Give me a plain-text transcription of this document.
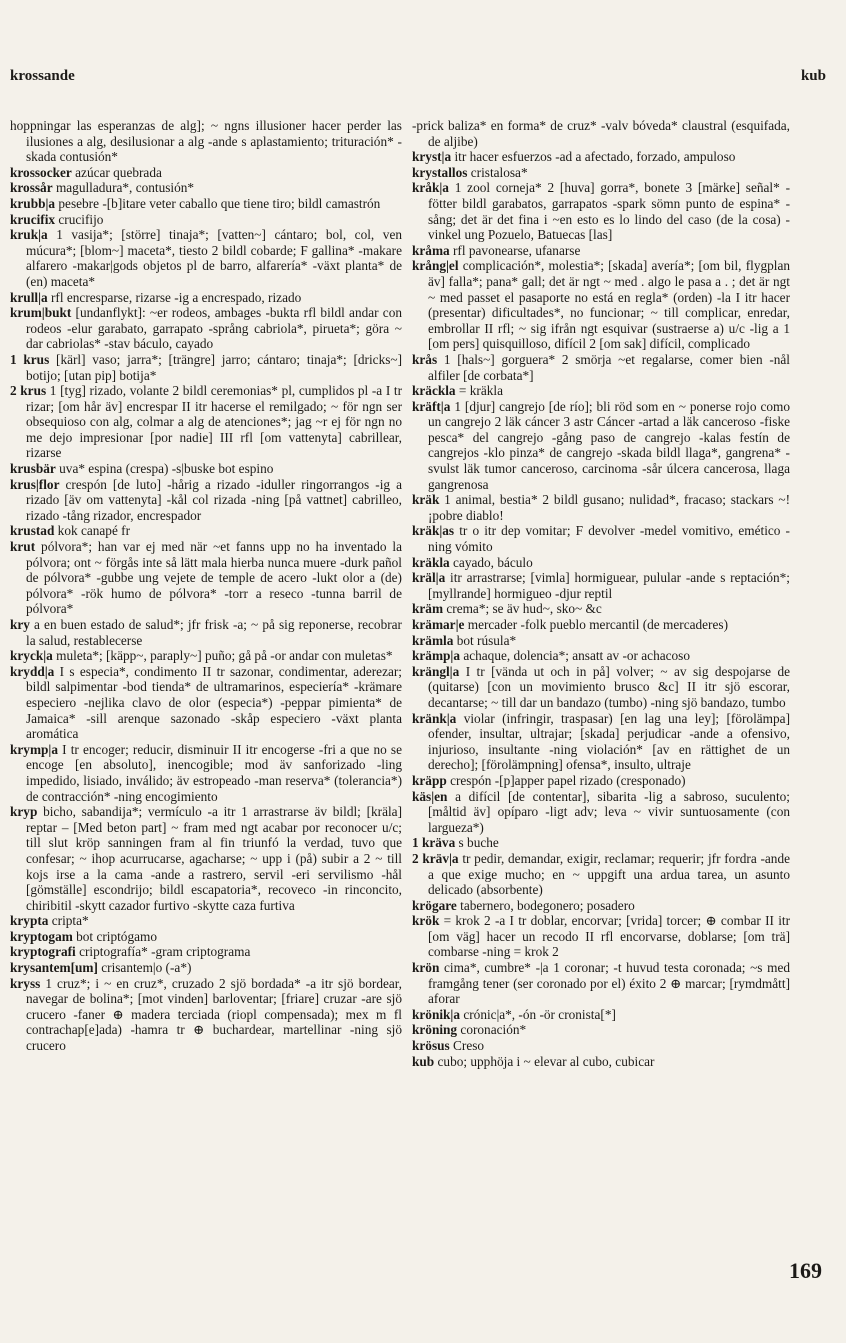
krossande	kub

hoppningar las esperanzas de alg]; ~ ngns illusioner hacer perder las ilusiones a alg, desilusionar a alg -ande s aplastamiento; trituración* -skada contusión*

krossocker azúcar quebrada

krossår magulladura*, contusión*

krubb|a pesebre -[b]itare veter caballo que tiene tiro; bildl camastrón

krucifix crucifijo

kruk|a 1 vasija*; [större] tinaja*; [vatten~] cántaro; bol, col, ven múcura*; [blom~] maceta*, tiesto 2 bildl cobarde; F gallina* -makare alfarero -makar|gods objetos pl de barro, alfarería* -växt planta* de (en) maceta*

krull|a rfl encresparse, rizarse -ig a encrespado, rizado

krum|bukt [undanflykt]: ~er rodeos, ambages -bukta rfl bildl andar con rodeos -elur garabato, garrapato -språng cabriola*, pirueta*; göra ~ dar cabriolas* -stav báculo, cayado

1 krus [kärl] vaso; jarra*; [trängre] jarro; cántaro; tinaja*; [dricks~] botijo; [utan pip] botija*

2 krus 1 [tyg] rizado, volante 2 bildl ceremonias* pl, cumplidos pl -a I tr rizar; [om hår äv] encrespar II itr hacerse el remilgado; ~ för ngn ser obsequioso con alg, colmar a alg de atenciones*; jag ~r ej för ngn no me dejo impresionar [por nadie] III rfl [om vattenyta] cabrillear, rizarse

krusbär uva* espina (crespa) -s|buske bot espino

krus|flor crespón [de luto] -hårig a rizado -iduller ringorrangos -ig a rizado [äv om vattenyta] -kål col rizada -ning [på vattnet] cabrilleo, rizado -tång rizador, encrespador

krustad kok canapé fr

krut pólvora*; han var ej med när ~et fanns upp no ha inventado la pólvora; ont ~ förgås inte så lätt mala hierba nunca muere -durk pañol de pólvora* -gubbe ung vejete de temple de acero -lukt olor a (de) pólvora* -rök humo de pólvora* -torr a reseco -tunna barril de pólvora*

kry a en buen estado de salud*; jfr frisk -a; ~ på sig reponerse, recobrar la salud, restablecerse

kryck|a muleta*; [käpp~, paraply~] puño; gå på -or andar con muletas*

krydd|a I s especia*, condimento II tr sazonar, condimentar, aderezar; bildl salpimentar -bod tienda* de ultramarinos, especiería* -krämare especiero -nejlika clavo de olor (especia*) -peppar pimienta* de Jamaica* -sill arenque sazonado -skåp especiero -växt planta aromática

krymp|a I tr encoger; reducir, disminuir II itr encogerse -fri a que no se encoge [en absoluto], inencogible; mod äv sanforizado -ling impedido, lisiado, inválido; äv estropeado -man reserva* (tolerancia*) de contracción* -ning encogimiento

kryp bicho, sabandija*; vermículo -a itr 1 arrastrarse äv bildl; [kräla] reptar – [Med beton part] ~ fram med ngt acabar por reconocer u/c; till slut kröp sanningen fram al fin triunfó la verdad, tuvo que confesar; ~ ihop acurrucarse, agacharse; ~ upp i (på) subir a 2 ~ till kojs irse a la cama -ande a rastrero, servil -eri servilismo -hål [gömställe] escondrijo; bildl escapatoria*, recoveco -in rinconcito, chiribitil -skytt cazador furtivo -skytte caza furtiva

krypta cripta*

kryptogam bot criptógamo

kryptografi criptografía* -gram criptograma

krysantem[um] crisantem|o (-a*)

kryss 1 cruz*; i ~ en cruz*, cruzado 2 sjö bordada* -a itr sjö bordear, navegar de bolina*; [mot vinden] barloventar; [friare] cruzar -are sjö crucero -faner ⊕ madera terciada (riopl compensada); mex m fl contrachap[e]ada) -hamra tr ⊕ buchardear, martellinar -ning sjö crucero

-prick baliza* en forma* de cruz* -valv bóveda* claustral (esquifada, de aljibe)

kryst|a itr hacer esfuerzos -ad a afectado, forzado, ampuloso

krystallos cristalosa*

kråk|a 1 zool corneja* 2 [huva] gorra*, bonete 3 [märke] señal* -fötter bildl garabatos, garrapatos -spark sömn punto de espina* -sång; det är det fina i ~en esto es lo lindo del caso (de la cosa) -vinkel ung Pozuelo, Batuecas [las]

kråma rfl pavonearse, ufanarse

krång|el complicación*, molestia*; [skada] avería*; [om bil, flygplan äv] falla*; pana* gall; det är ngt ~ med . algo le pasa a . ; det är ngt ~ med passet el pasaporte no está en regla* (orden) -la I itr hacer (presentar) dificultades*, no funcionar; ~ till complicar, enredar, embrollar II rfl; ~ sig ifrån ngt esquivar (sustraerse a) u/c -lig a 1 [om pers] quisquilloso, difícil 2 [om sak] difícil, complicado

krås 1 [hals~] gorguera* 2 smörja ~et regalarse, comer bien -nål alfiler [de corbata*]

kräckla = kräkla

kräft|a 1 [djur] cangrejo [de río]; bli röd som en ~ ponerse rojo como un cangrejo 2 läk cáncer 3 astr Cáncer -artad a läk canceroso -fiske pesca* del cangrejo -gång paso de cangrejo -kalas festín de cangrejos -klo pinza* de cangrejo -skada bildl llaga*, gangrena* -svulst läk tumor canceroso, carcinoma -sår úlcera cancerosa, llaga gangrenosa

kräk 1 animal, bestia* 2 bildl gusano; nulidad*, fracaso; stackars ~! ¡pobre diablo!

kräk|as tr o itr dep vomitar; F devolver -medel vomitivo, emético -ning vómito

kräkla cayado, báculo

kräl|a itr arrastrarse; [vimla] hormiguear, pulular -ande s reptación*; [myllrande] hormigueo -djur reptil

kräm crema*; se äv hud~, sko~ &c

krämar|e mercader -folk pueblo mercantil (de mercaderes)

krämla bot rúsula*

krämp|a achaque, dolencia*; ansatt av -or achacoso

krängl|a I tr [vända ut och in på] volver; ~ av sig despojarse de (quitarse) [con un movimiento brusco &c] II itr sjö escorar, decantarse; ~ till dar un bandazo (tumbo) -ning sjö bandazo, tumbo

kränk|a violar (infringir, traspasar) [en lag una ley]; [förolämpa] ofender, insultar, ultrajar; [skada] perjudicar -ande a ofensivo, injurioso, insultante -ning violación* [av en rättighet de un derecho]; [förolämpning] ofensa*, insulto, ultraje

kräpp crespón -[p]apper papel rizado (cresponado)

käs|en a difícil [de contentar], sibarita -lig a sabroso, suculento; [måltid äv] opíparo -ligt adv; leva ~ vivir suntuosamente (con largueza*)

1 kräva s buche

2 kräv|a tr pedir, demandar, exigir, reclamar; requerir; jfr fordra -ande a que exige mucho; en ~ uppgift una ardua tarea, un asunto delicado (absorbente)

krögare tabernero, bodegonero; posadero

krök = krok 2 -a I tr doblar, encorvar; [vrida] torcer; ⊕ combar II itr [om väg] hacer un recodo II rfl encorvarse, doblarse; [om trä] combarse -ning = krok 2

krön cima*, cumbre* -|a 1 coronar; -t huvud testa coronada; ~s med framgång tener (ser coronado por el) éxito 2 ⊕ marcar; [rymdmått] aforar

krönik|a crónic|a*, -ón -ör cronista[*]

kröning coronación*

krösus Creso

kub cubo; upphöja i ~ elevar al cubo, cubicar

169
